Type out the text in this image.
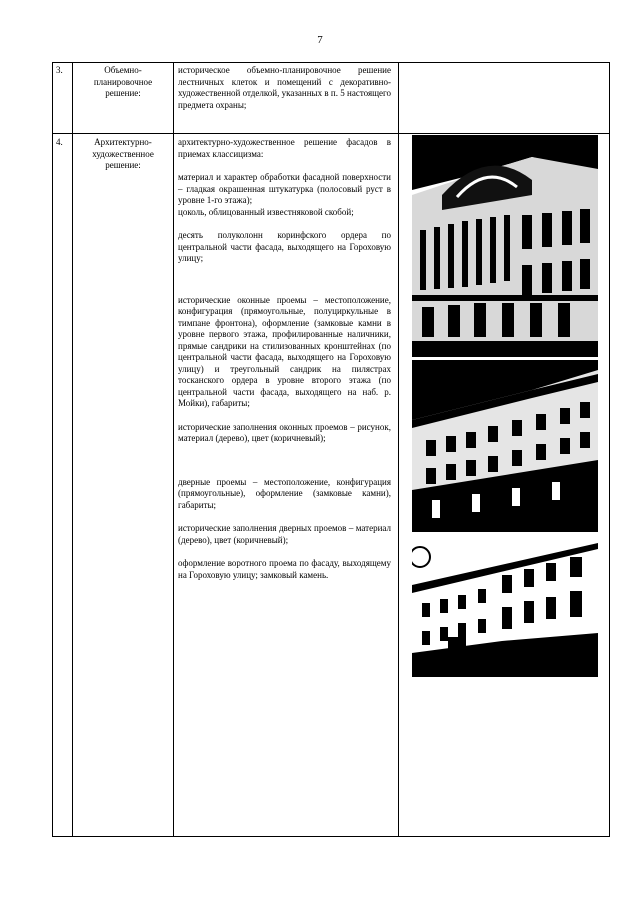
7
3.	Объемно-планировочное решение:

историческое объемно-планировочное решение лестничных клеток и помещений с декоративно-художественной отделкой, указанных в п. 5 настоящего предмета охраны;

4.	Архитектурно-художественное решение:

архитектурно-художественное решение фасадов в приемах классицизма:

материал и характер обработки фасадной поверхности – гладкая окрашенная штукатурка (полосовый руст в уровне 1-го этажа);

цоколь, облицованный известняковой скобой;

десять полуколонн коринфского ордера по центральной части фасада, выходящего на Гороховую улицу;

исторические оконные проемы – местоположение, конфигурация (прямоугольные, полуциркульные в тимпане фронтона), оформление (замковые камни в уровне первого этажа, профилированные наличники, прямые сандрики на стилизованных кронштейнах (по центральной части фасада, выходящего на Гороховую улицу) и треугольный сандрик на пилястрах тосканского ордера в уровне второго этажа (по центральной части фасада, выходящего на наб. р. Мойки), габариты;

исторические заполнения оконных проемов – рисунок, материал (дерево), цвет (коричневый);

дверные проемы – местоположение, конфигурация (прямоугольные), оформление (замковые камни), габариты;

исторические заполнения дверных проемов – материал (дерево), цвет (коричневый);

оформление воротного проема по фасаду, выходящему на Гороховую улицу; замковый камень.
